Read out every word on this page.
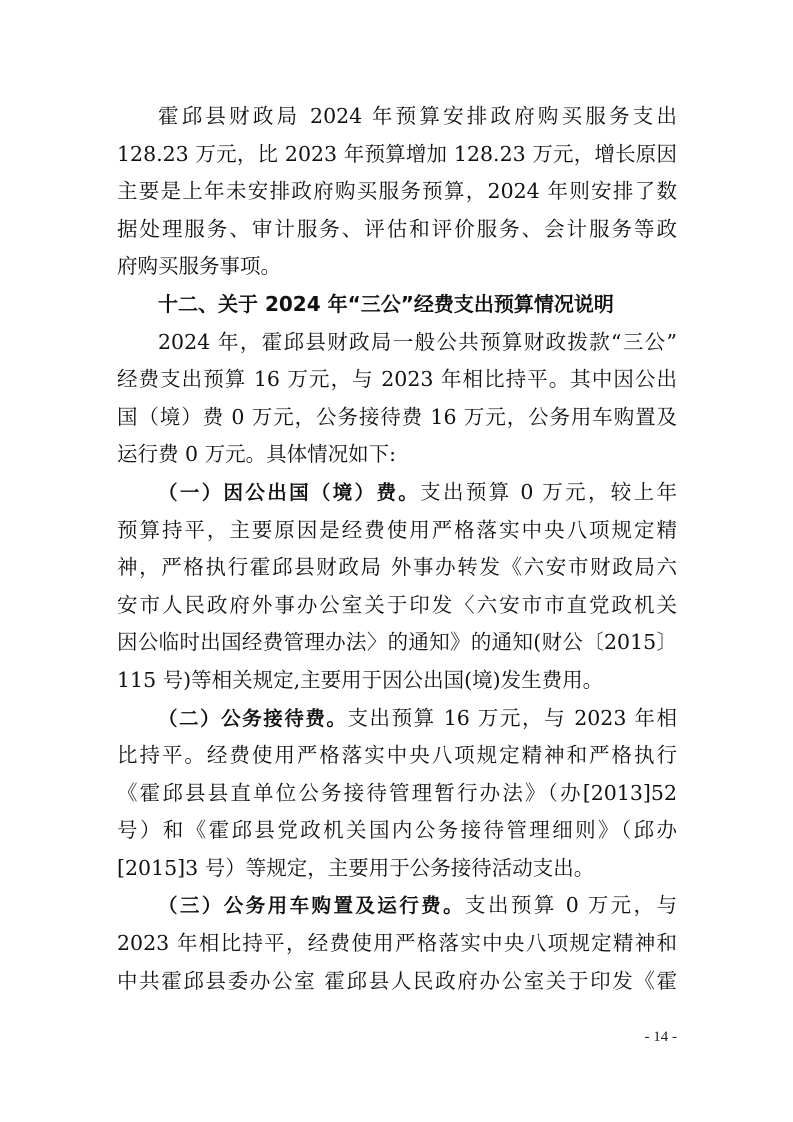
霍邱县财政局 2024 年预算安排政府购买服务支出
128.23 万元，比 2023 年预算增加 128.23 万元，增长原因
主要是上年未安排政府购买服务预算，2024 年则安排了数
据处理服务、审计服务、评估和评价服务、会计服务等政
府购买服务事项。
十二、关于 2024 年“三公”经费支出预算情况说明
2024 年，霍邱县财政局一般公共预算财政拨款“三公”
经费支出预算 16 万元，与 2023 年相比持平。其中因公出
国（境）费 0 万元，公务接待费 16 万元，公务用车购置及
运行费 0 万元。具体情况如下:
（一）因公出国（境）费。支出预算 0 万元，较上年
预算持平，主要原因是经费使用严格落实中央八项规定精
神，严格执行霍邱县财政局 外事办转发《六安市财政局六
安市人民政府外事办公室关于印发〈六安市市直党政机关
因公临时出国经费管理办法〉的通知》的通知(财公〔2015〕
115 号)等相关规定,主要用于因公出国(境)发生费用。
（二）公务接待费。支出预算 16 万元，与 2023 年相
比持平。经费使用严格落实中央八项规定精神和严格执行
《霍邱县县直单位公务接待管理暂行办法》（办[2013]52
号）和《霍邱县党政机关国内公务接待管理细则》（邱办
[2015]3 号）等规定，主要用于公务接待活动支出。
（三）公务用车购置及运行费。支出预算 0 万元，与
2023 年相比持平，经费使用严格落实中央八项规定精神和
中共霍邱县委办公室 霍邱县人民政府办公室关于印发《霍
- 14 -
